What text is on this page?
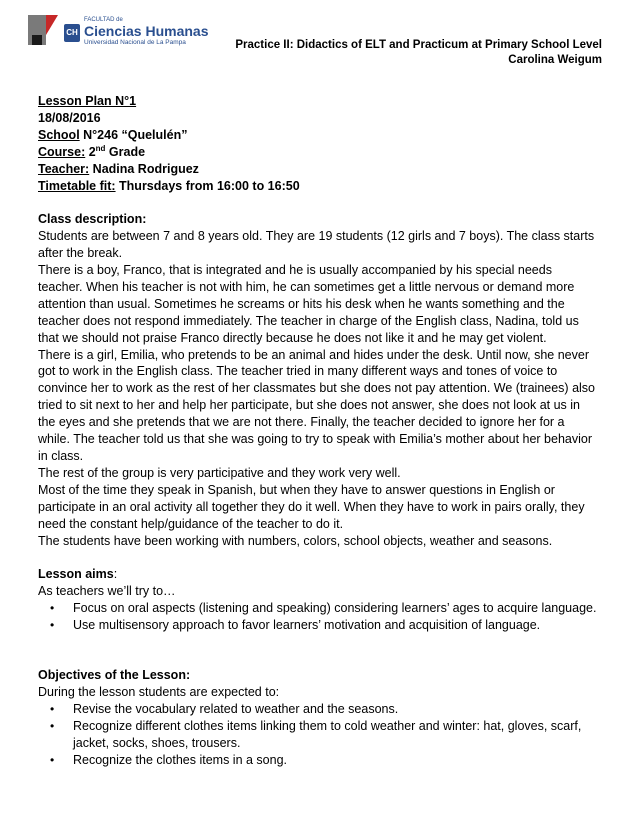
CH
FACULTAD de
Ciencias Humanas
Universidad Nacional de La Pampa	Practice II: Didactics of ELT and Practicum at Primary School Level
Carolina Weigum

Lesson Plan N°1

18/08/2016

School N°246 “Quelulén”

Course: 2nd Grade

Teacher: Nadina Rodriguez

Timetable fit: Thursdays from 16:00 to 16:50

Class description:

Students are between 7 and 8 years old. They are 19 students (12 girls and 7 boys). The class starts

after the break.

There is a boy, Franco, that is integrated and he is usually accompanied by his special needs

teacher. When his teacher is not with him, he can sometimes get a little nervous or demand more

attention than usual. Sometimes he screams or hits his desk when he wants something and the

teacher does not respond immediately. The teacher in charge of the English class, Nadina, told us

that we should not praise Franco directly because he does not like it and he may get violent.

There is a girl, Emilia, who pretends to be an animal and hides under the desk. Until now, she never

got to work in the English class. The teacher tried in many different ways and tones of voice to

convince her to work as the rest of her classmates but she does not pay attention. We (trainees) also

tried to sit next to her and help her participate, but she does not answer, she does not look at us in

the eyes and she pretends that we are not there. Finally, the teacher decided to ignore her for a

while. The teacher told us that she was going to try to speak with Emilia’s mother about her behavior

in class.

The rest of the group is very participative and they work very well.

Most of the time they speak in Spanish, but when they have to answer questions in English or

participate in an oral activity all together they do it well. When they have to work in pairs orally, they

need the constant help/guidance of the teacher to do it.

The students have been working with numbers, colors, school objects, weather and seasons.

Lesson aims:

As teachers we’ll try to…

• Focus on oral aspects (listening and speaking) considering learners’ ages to acquire language.
• Use multisensory approach to favor learners’ motivation and acquisition of language.

Objectives of the Lesson:

During the lesson students are expected to:

• Revise the vocabulary related to weather and the seasons.
• Recognize different clothes items linking them to cold weather and winter: hat, gloves, scarf, jacket, socks, shoes, trousers.
• Recognize the clothes items in a song.
